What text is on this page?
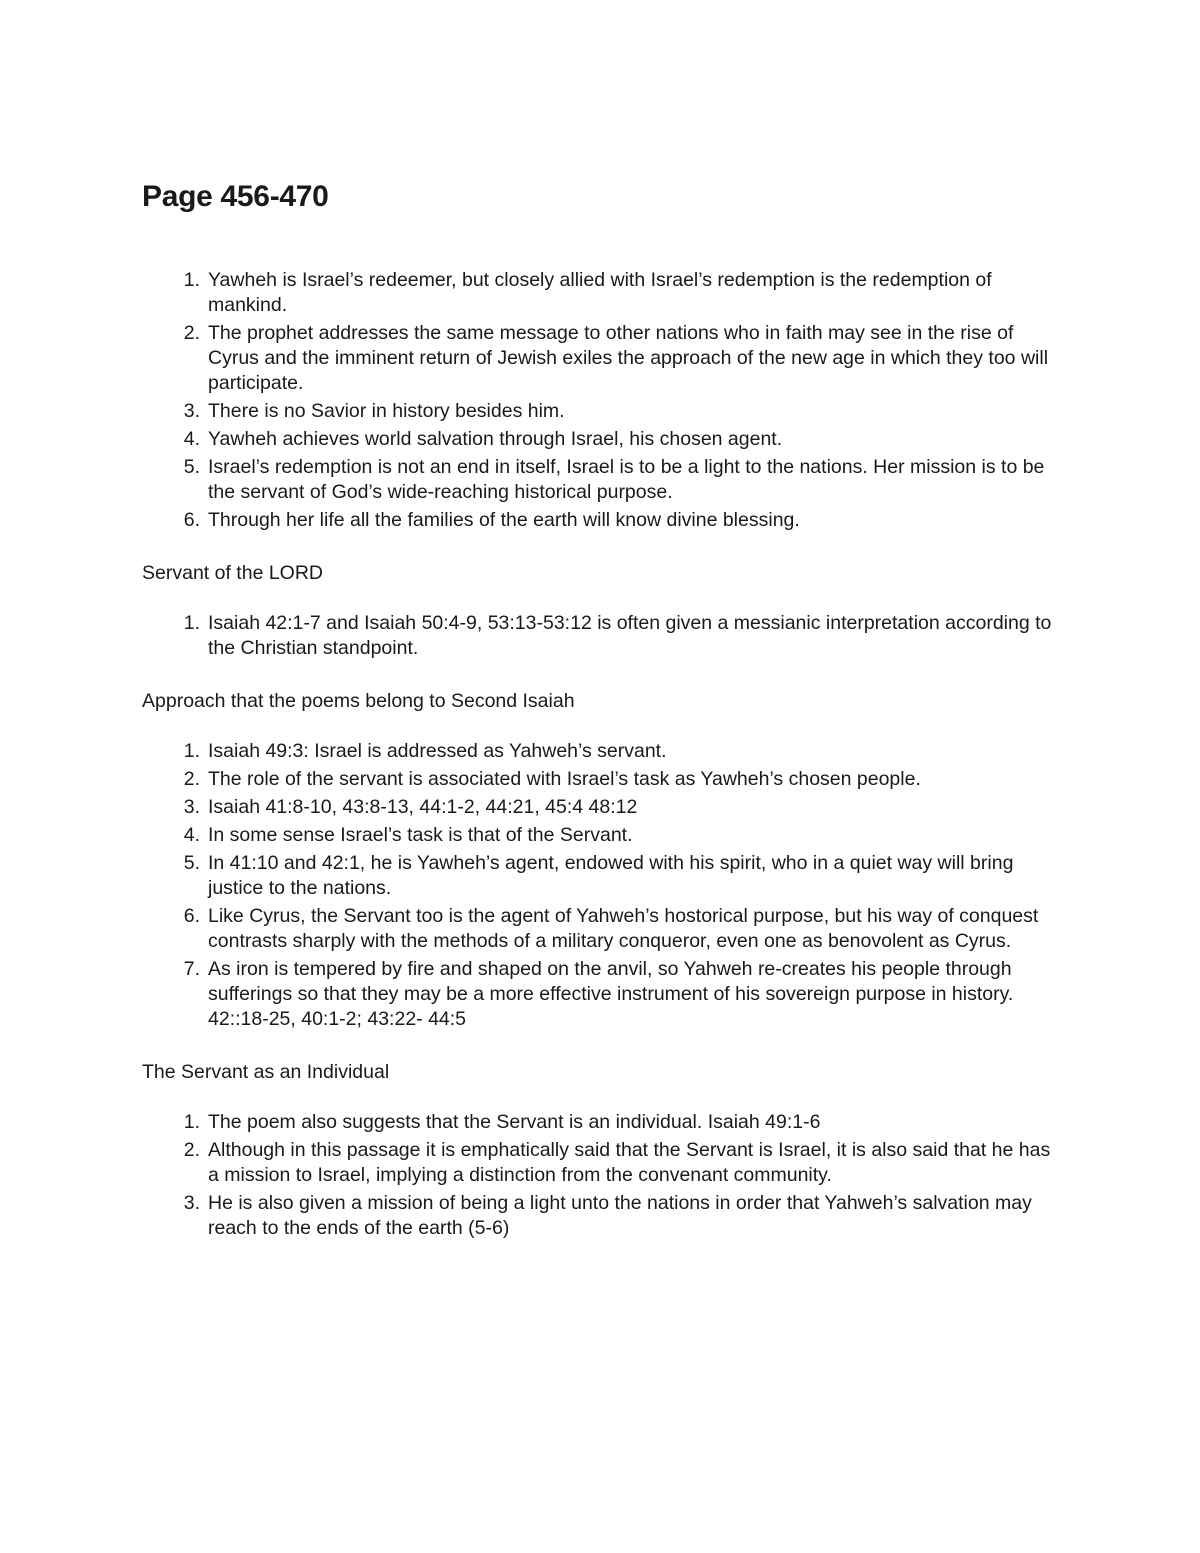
Page 456-470
1. Yawheh is Israel’s redeemer, but closely allied with Israel’s redemption is the redemption of mankind.
2. The prophet addresses the same message to other nations who in faith may see in the rise of Cyrus and the imminent return of Jewish exiles the approach of the new age in which they too will participate.
3. There is no Savior in history besides him.
4. Yawheh achieves world salvation through Israel, his chosen agent.
5. Israel’s redemption is not an end in itself, Israel is to be a light to the nations. Her mission is to be the servant of God’s wide-reaching historical purpose.
6. Through her life all the families of the earth will know divine blessing.
Servant of the LORD
1. Isaiah 42:1-7 and Isaiah 50:4-9, 53:13-53:12 is often given a messianic interpretation according to the Christian standpoint.
Approach that the poems belong to Second Isaiah
1. Isaiah 49:3: Israel is addressed as Yahweh’s servant.
2. The role of the servant is associated with Israel’s task as Yawheh’s chosen people.
3. Isaiah 41:8-10, 43:8-13, 44:1-2, 44:21, 45:4 48:12
4. In some sense Israel’s task is that of the Servant.
5. In 41:10 and 42:1, he is Yawheh’s agent, endowed with his spirit, who in a quiet way will bring justice to the nations.
6. Like Cyrus, the Servant too is the agent of Yahweh’s hostorical purpose, but his way of conquest contrasts sharply with the methods of a military conqueror, even one as benovolent as Cyrus.
7. As iron is tempered by fire and shaped on the anvil, so Yahweh re-creates his people through sufferings so that they may be a more effective instrument of his sovereign purpose in history. 42::18-25, 40:1-2; 43:22- 44:5
The Servant as an Individual
1. The poem also suggests that the Servant is an individual. Isaiah 49:1-6
2. Although in this passage it is emphatically said that the Servant is Israel, it is also said that he has a mission to Israel, implying a distinction from the convenant community.
3. He is also given a mission of being a light unto the nations in order that Yahweh’s salvation may reach to the ends of the earth (5-6)
